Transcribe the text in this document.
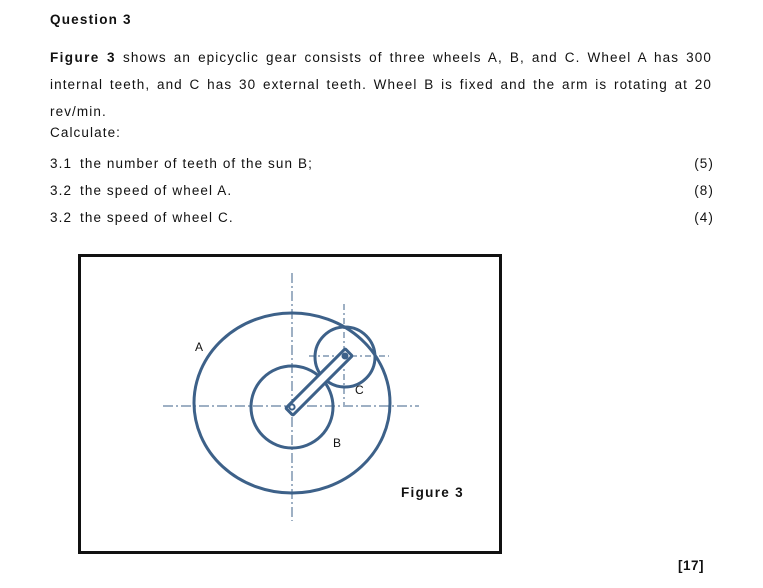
Question 3
Figure 3 shows an epicyclic gear consists of three wheels A, B, and C. Wheel A has 300 internal teeth, and C has 30 external teeth. Wheel B is fixed and the arm is rotating at 20 rev/min.
Calculate:
3.1 the number of teeth of the sun B;	(5)
3.2 the speed of wheel A.	(8)
3.2 the speed of wheel C.	(4)
A
B
C
Figure 3
[17]
